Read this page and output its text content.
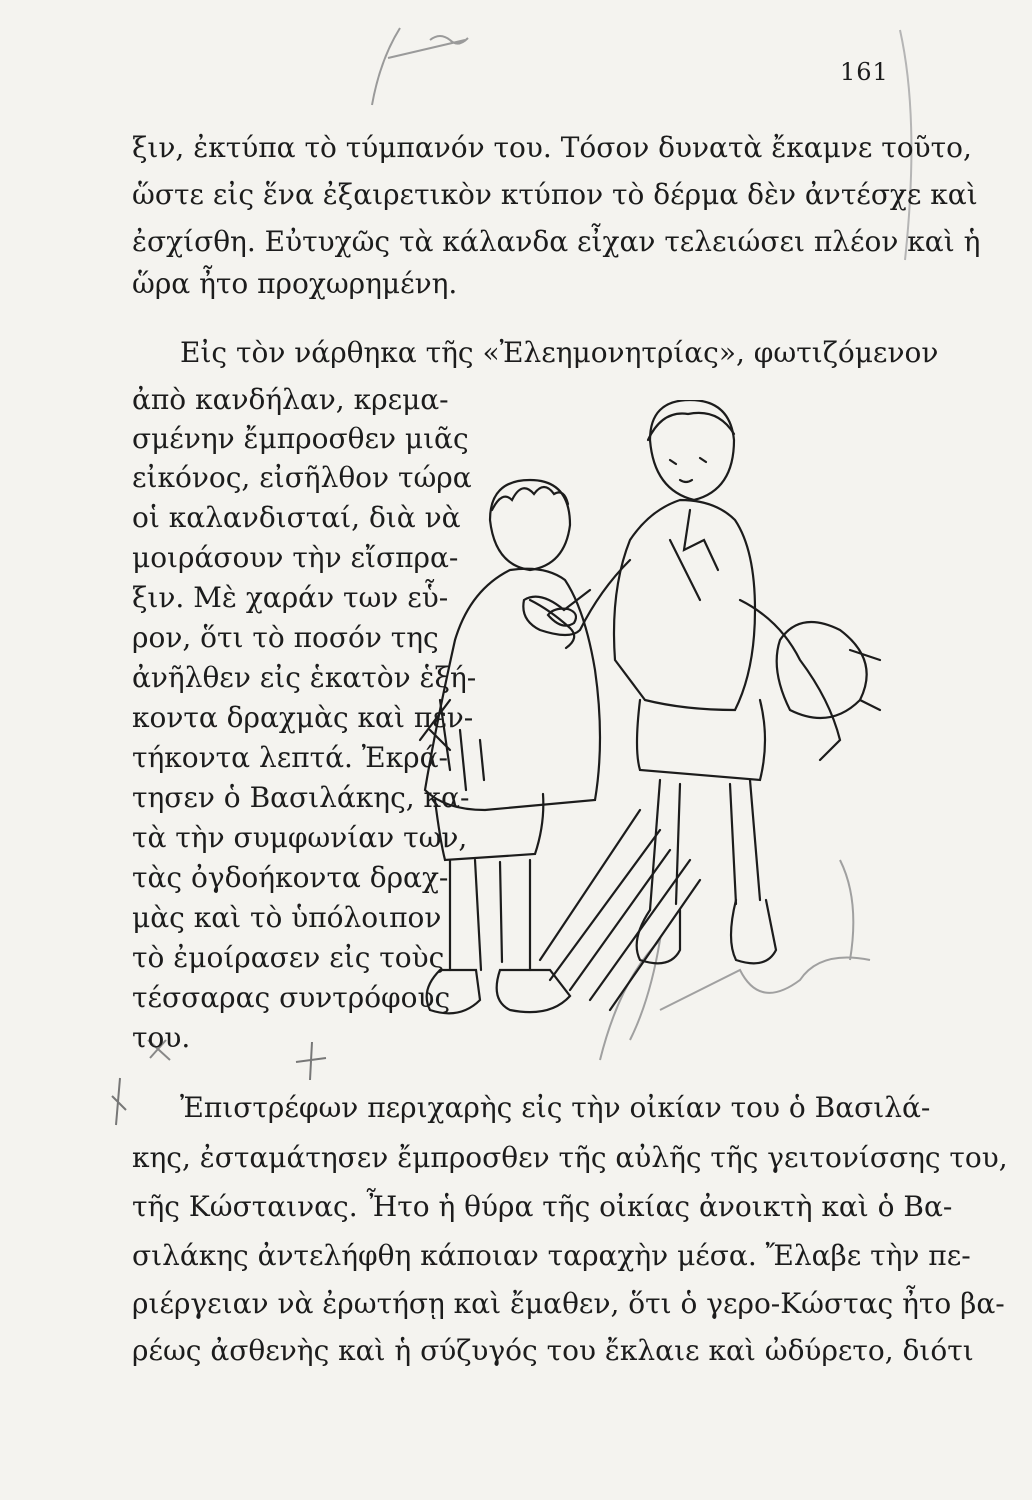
161
ξιν, ἐκτύπα τὸ τύμπανόν του. Τόσον δυνατὰ ἔκαμνε τοῦτο,
ὥστε εἰς ἕνα ἐξαιρετικὸν κτύπον τὸ δέρμα δὲν ἀντέσχε καὶ
ἐσχίσθη. Εὐτυχῶς τὰ κάλανδα εἶχαν τελειώσει πλέον καὶ ἡ
ὥρα ἦτο προχωρημένη.
Εἰς τὸν νάρθηκα τῆς «Ἐλεημονητρίας», φωτιζόμενον
ἀπὸ κανδήλαν, κρεμα-
σμένην ἔμπροσθεν μιᾶς
εἰκόνος, εἰσῆλθον τώρα
οἱ καλανδισταί, διὰ νὰ
μοιράσουν τὴν εἴσπρα-
ξιν. Μὲ χαράν των εὗ-
ρον, ὅτι τὸ ποσόν της
ἀνῆλθεν εἰς ἑκατὸν ἑξή-
κοντα δραχμὰς καὶ πεν-
τήκοντα λεπτά. Ἐκρά-
τησεν ὁ Βασιλάκης, κα-
τὰ τὴν συμφωνίαν των,
τὰς ὀγδοήκοντα δραχ-
μὰς καὶ τὸ ὑπόλοιπον
τὸ ἐμοίρασεν εἰς τοὺς
τέσσαρας συντρόφους
του.
Ἐπιστρέφων περιχαρὴς εἰς τὴν οἰκίαν του ὁ Βασιλά-
κης, ἐσταμάτησεν ἔμπροσθεν τῆς αὐλῆς τῆς γειτονίσσης του,
τῆς Κώσταινας. Ἦτο ἡ θύρα τῆς οἰκίας ἀνοικτὴ καὶ ὁ Βα-
σιλάκης ἀντελήφθη κάποιαν ταραχὴν μέσα. Ἔλαβε τὴν πε-
ριέργειαν νὰ ἐρωτήσῃ καὶ ἔμαθεν, ὅτι ὁ γερο-Κώστας ἦτο βα-
ρέως ἀσθενὴς καὶ ἡ σύζυγός του ἔκλαιε καὶ ὠδύρετο, διότι
